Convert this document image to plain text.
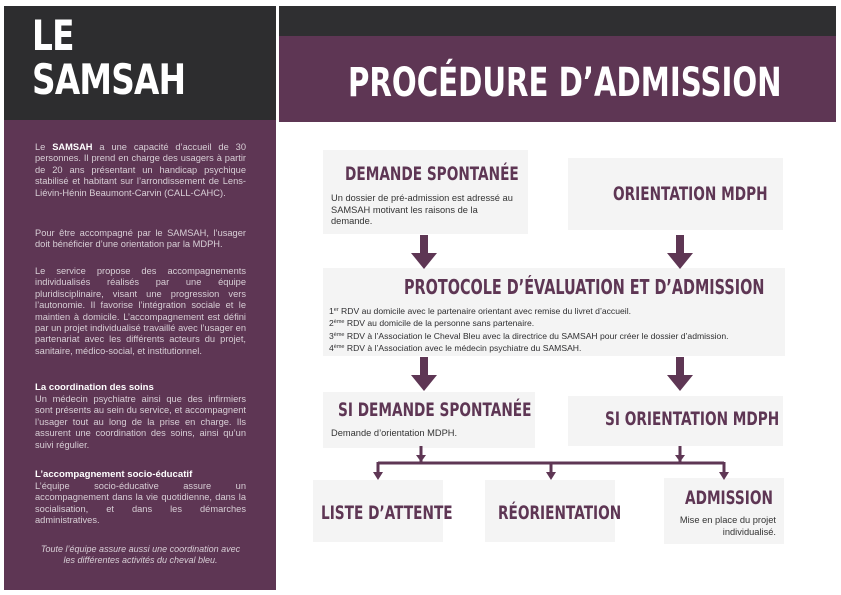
LE
SAMSAH
Le SAMSAH a une capacité d’accueil de 30 personnes. Il prend en charge des usagers à partir de 20 ans présentant un handicap psychique stabilisé et habitant sur l’arrondissement de Lens-Liévin-Hénin Beaumont-Carvin (CALL-CAHC).
Pour être accompagné par le SAMSAH, l’usager doit bénéficier d’une orientation par la MDPH.
Le service propose des accompagnements individualisés réalisés par une équipe pluridisciplinaire, visant une progression vers l’autonomie. Il favorise l’intégration sociale et le maintien à domicile. L’accompagnement est défini par un projet individualisé travaillé avec l’usager en partenariat avec les différents acteurs du projet, sanitaire, médico-social, et institutionnel.
La coordination des soins
Un médecin psychiatre ainsi que des infirmiers sont présents au sein du service, et accompagnent l’usager tout au long de la prise en charge. Ils assurent une coordination des soins, ainsi qu’un suivi régulier.
L’accompagnement socio-éducatif
L’équipe socio-éducative assure un accompagnement dans la vie quotidienne, dans la socialisation, et dans les démarches administratives.
Toute l’équipe assure aussi une coordination avec les différentes activités du cheval bleu.
PROCÉDURE D’ADMISSION
DEMANDE SPONTANÉE
Un dossier de pré-admission est adressé au SAMSAH motivant les raisons de la demande.
ORIENTATION MDPH
PROTOCOLE D’ÉVALUATION ET D’ADMISSION
1er RDV au domicile avec le partenaire orientant avec remise du livret d’accueil.
2ème RDV au domicile de la personne sans partenaire.
3ème RDV à l’Association le Cheval Bleu avec la directrice du SAMSAH pour créer le dossier d’admission.
4ème RDV à l’Association avec le médecin psychiatre du SAMSAH.
SI DEMANDE SPONTANÉE
Demande d’orientation MDPH.
SI ORIENTATION MDPH
LISTE D’ATTENTE RÉORIENTATION
ADMISSION
Mise en place du projet individualisé.
